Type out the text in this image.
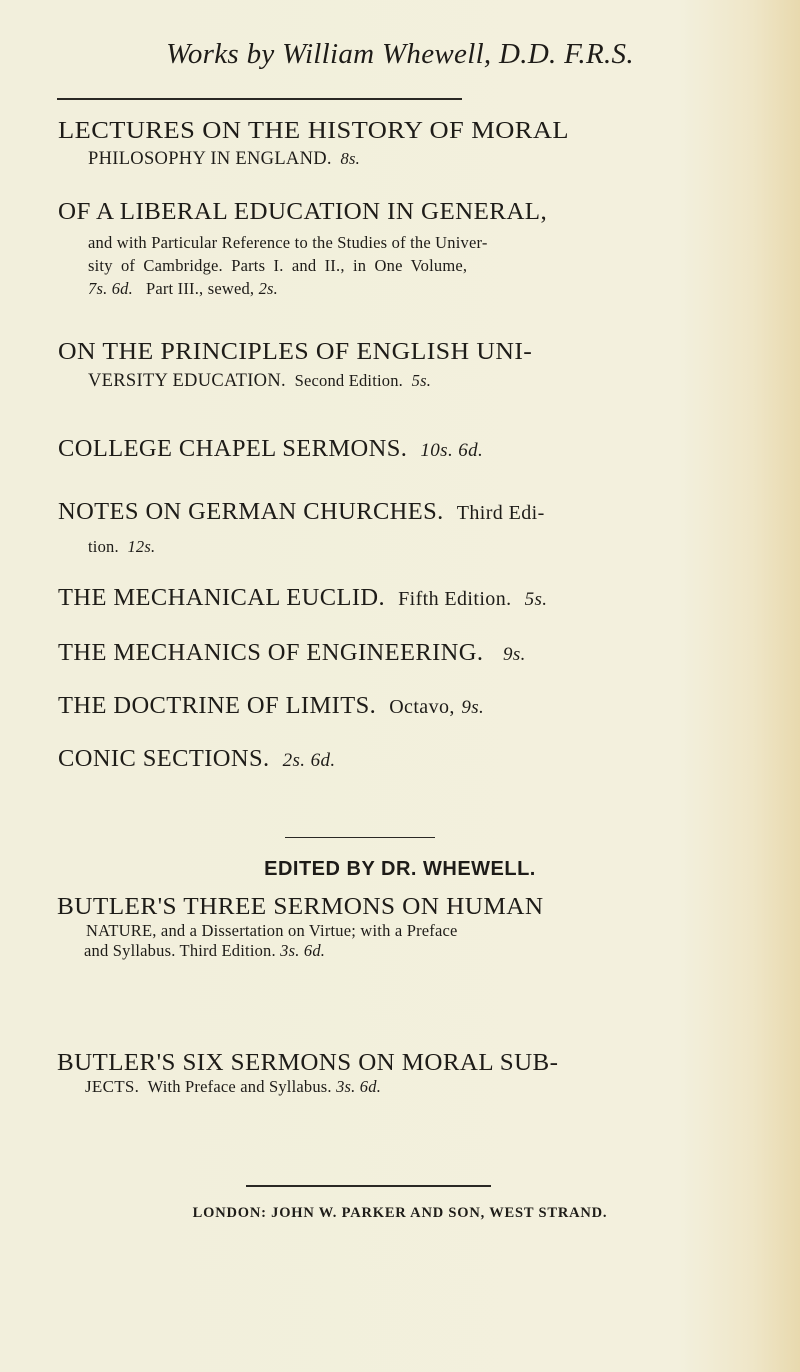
Works by William Whewell, D.D. F.R.S.
LECTURES ON THE HISTORY OF MORAL
PHILOSOPHY IN ENGLAND. 8s.
OF A LIBERAL EDUCATION IN GENERAL,
and with Particular Reference to the Studies of the Univer-
sity of Cambridge. Parts I. and II., in One Volume,
7s. 6d. Part III., sewed, 2s.
ON THE PRINCIPLES OF ENGLISH UNI-
VERSITY EDUCATION. Second Edition. 5s.
COLLEGE CHAPEL SERMONS. 10s. 6d.
NOTES ON GERMAN CHURCHES. Third Edi-
tion. 12s.
THE MECHANICAL EUCLID. Fifth Edition. 5s.
THE MECHANICS OF ENGINEERING. 9s.
THE DOCTRINE OF LIMITS. Octavo, 9s.
CONIC SECTIONS. 2s. 6d.
EDITED BY DR. WHEWELL.
BUTLER'S THREE SERMONS ON HUMAN
NATURE, and a Dissertation on Virtue; with a Preface
and Syllabus. Third Edition. 3s. 6d.
BUTLER'S SIX SERMONS ON MORAL SUB-
JECTS. With Preface and Syllabus. 3s. 6d.
LONDON: JOHN W. PARKER AND SON, WEST STRAND.
